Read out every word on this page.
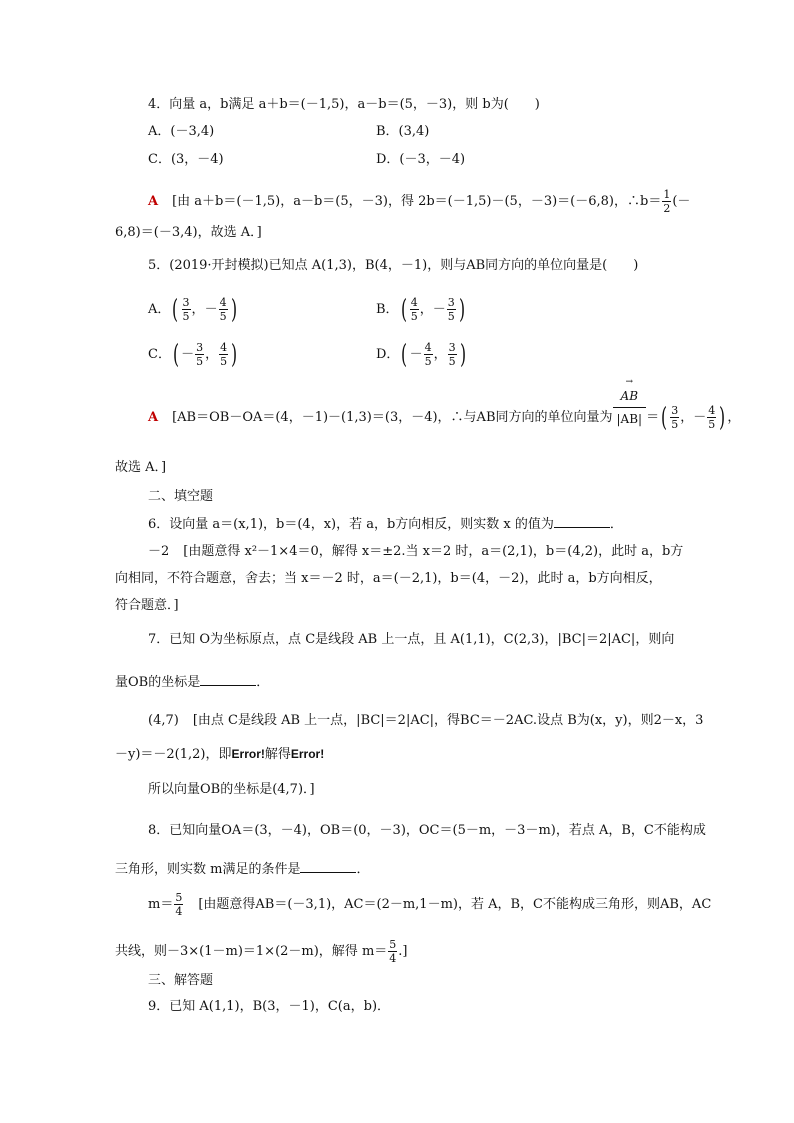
4．向量 a，b满足 a＋b＝(－1,5)，a－b＝(5，－3)，则 b为(　　)
A．(－3,4)	B．(3,4)
C．(3，－4)	D．(－3，－4)
A [由 a＋b＝(－1,5)，a－b＝(5，－3)，得 2b＝(－1,5)－(5，－3)＝(－6,8)，∴b＝ $\frac{1}{2}$ (－
6,8)＝(－3,4)，故选 A．]
5．(2019·开封模拟)已知点 A(1,3)，B(4，－1)，则与AB同方向的单位向量是(　　)
A．( $\frac{3}{5}$ ，－ $\frac{4}{5}$ )	B．( $\frac{4}{5}$ ，－ $\frac{3}{5}$ )
C．( － $\frac{3}{5}$ ， $\frac{4}{5}$ )	D．( － $\frac{4}{5}$ ， $\frac{3}{5}$ )
A [AB＝OB－OA＝(4，－1)－(1,3)＝(3，－4)，∴与AB同方向的单位向量为
→ $\frac{AB}{|AB|}$ ＝( $\frac{3}{5}$ ，－ $\frac{4}{5}$ ) ，
故选 A．]
二、填空题
6．设向量 a＝(x,1)，b＝(4，x)，若 a，b方向相反，则实数 x 的值为	．
－2 [由题意得 x²－1×4＝0，解得 x＝±2.当 x＝2 时，a＝(2,1)，b＝(4,2)，此时 a，b方
向相同，不符合题意，舍去；当 x＝－2 时，a＝(－2,1)，b＝(4，－2)，此时 a，b方向相反，
符合题意．]
7．已知 O为坐标原点，点 C是线段 AB 上一点，且 A(1,1)，C(2,3)，|BC|＝2|AC|，则向
量OB的坐标是	．
(4,7) [由点 C是线段 AB 上一点，|BC|＝2|AC|，得BC＝－2AC.设点 B为(x，y)，则2－x，3
－y)＝－2(1,2)，即Error!解得Error!
所以向量OB的坐标是(4,7)．]
8．已知向量OA＝(3，－4)，OB＝(0，－3)，OC＝(5－m，－3－m)，若点 A，B，C不能构成
三角形，则实数 m满足的条件是	．
$m= \frac{5}{4}$ [由题意得AB＝(－3,1)，AC＝(2－m,1－m)，若 A，B，C不能构成三角形，则AB，AC
共线，则－3×(1－m)＝1×(2－m)，解得 $m= \frac{5}{4}$ .]
三、解答题
9．已知 A(1,1)，B(3，－1)，C(a，b)．
